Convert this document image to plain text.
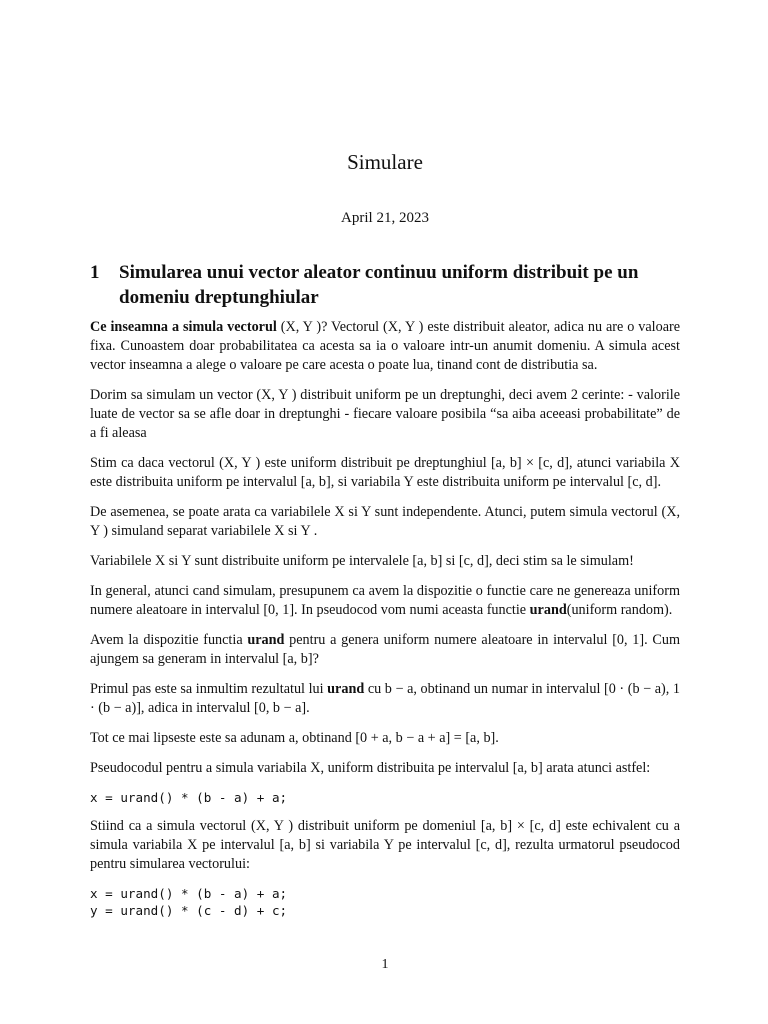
Simulare
April 21, 2023
1	Simularea unui vector aleator continuu uniform distribuit pe un domeniu dreptunghiular

Ce inseamna a simula vectorul (X, Y )? Vectorul (X, Y ) este distribuit aleator, adica nu are o valoare fixa. Cunoastem doar probabilitatea ca acesta sa ia o valoare intr-un anumit domeniu. A simula acest vector inseamna a alege o valoare pe care acesta o poate lua, tinand cont de distributia sa.

Dorim sa simulam un vector (X, Y ) distribuit uniform pe un dreptunghi, deci avem 2 cerinte: - valorile luate de vector sa se afle doar in dreptunghi - fiecare valoare posibila “sa aiba aceeasi probabilitate” de a fi aleasa

Stim ca daca vectorul (X, Y ) este uniform distribuit pe dreptunghiul [a, b] × [c, d], atunci variabila X este distribuita uniform pe intervalul [a, b], si variabila Y este distribuita uniform pe intervalul [c, d].

De asemenea, se poate arata ca variabilele X si Y sunt independente. Atunci, putem simula vectorul (X, Y ) simuland separat variabilele X si Y .

Variabilele X si Y sunt distribuite uniform pe intervalele [a, b] si [c, d], deci stim sa le simulam!

In general, atunci cand simulam, presupunem ca avem la dispozitie o functie care ne genereaza uniform numere aleatoare in intervalul [0, 1]. In pseudocod vom numi aceasta functie urand(uniform random).

Avem la dispozitie functia urand pentru a genera uniform numere aleatoare in intervalul [0, 1]. Cum ajungem sa generam in intervalul [a, b]?

Primul pas este sa inmultim rezultatul lui urand cu b − a, obtinand un numar in intervalul [0 · (b − a), 1 · (b − a)], adica in intervalul [0, b − a].

Tot ce mai lipseste este sa adunam a, obtinand [0 + a, b − a + a] = [a, b].

Pseudocodul pentru a simula variabila X, uniform distribuita pe intervalul [a, b] arata atunci astfel:

x = urand() * (b - a) + a;

Stiind ca a simula vectorul (X, Y ) distribuit uniform pe domeniul [a, b] × [c, d] este echivalent cu a simula variabila X pe intervalul [a, b] si variabila Y pe intervalul [c, d], rezulta urmatorul pseudocod pentru simularea vectorului:

x = urand() * (b - a) + a;
y = urand() * (c - d) + c;
1
